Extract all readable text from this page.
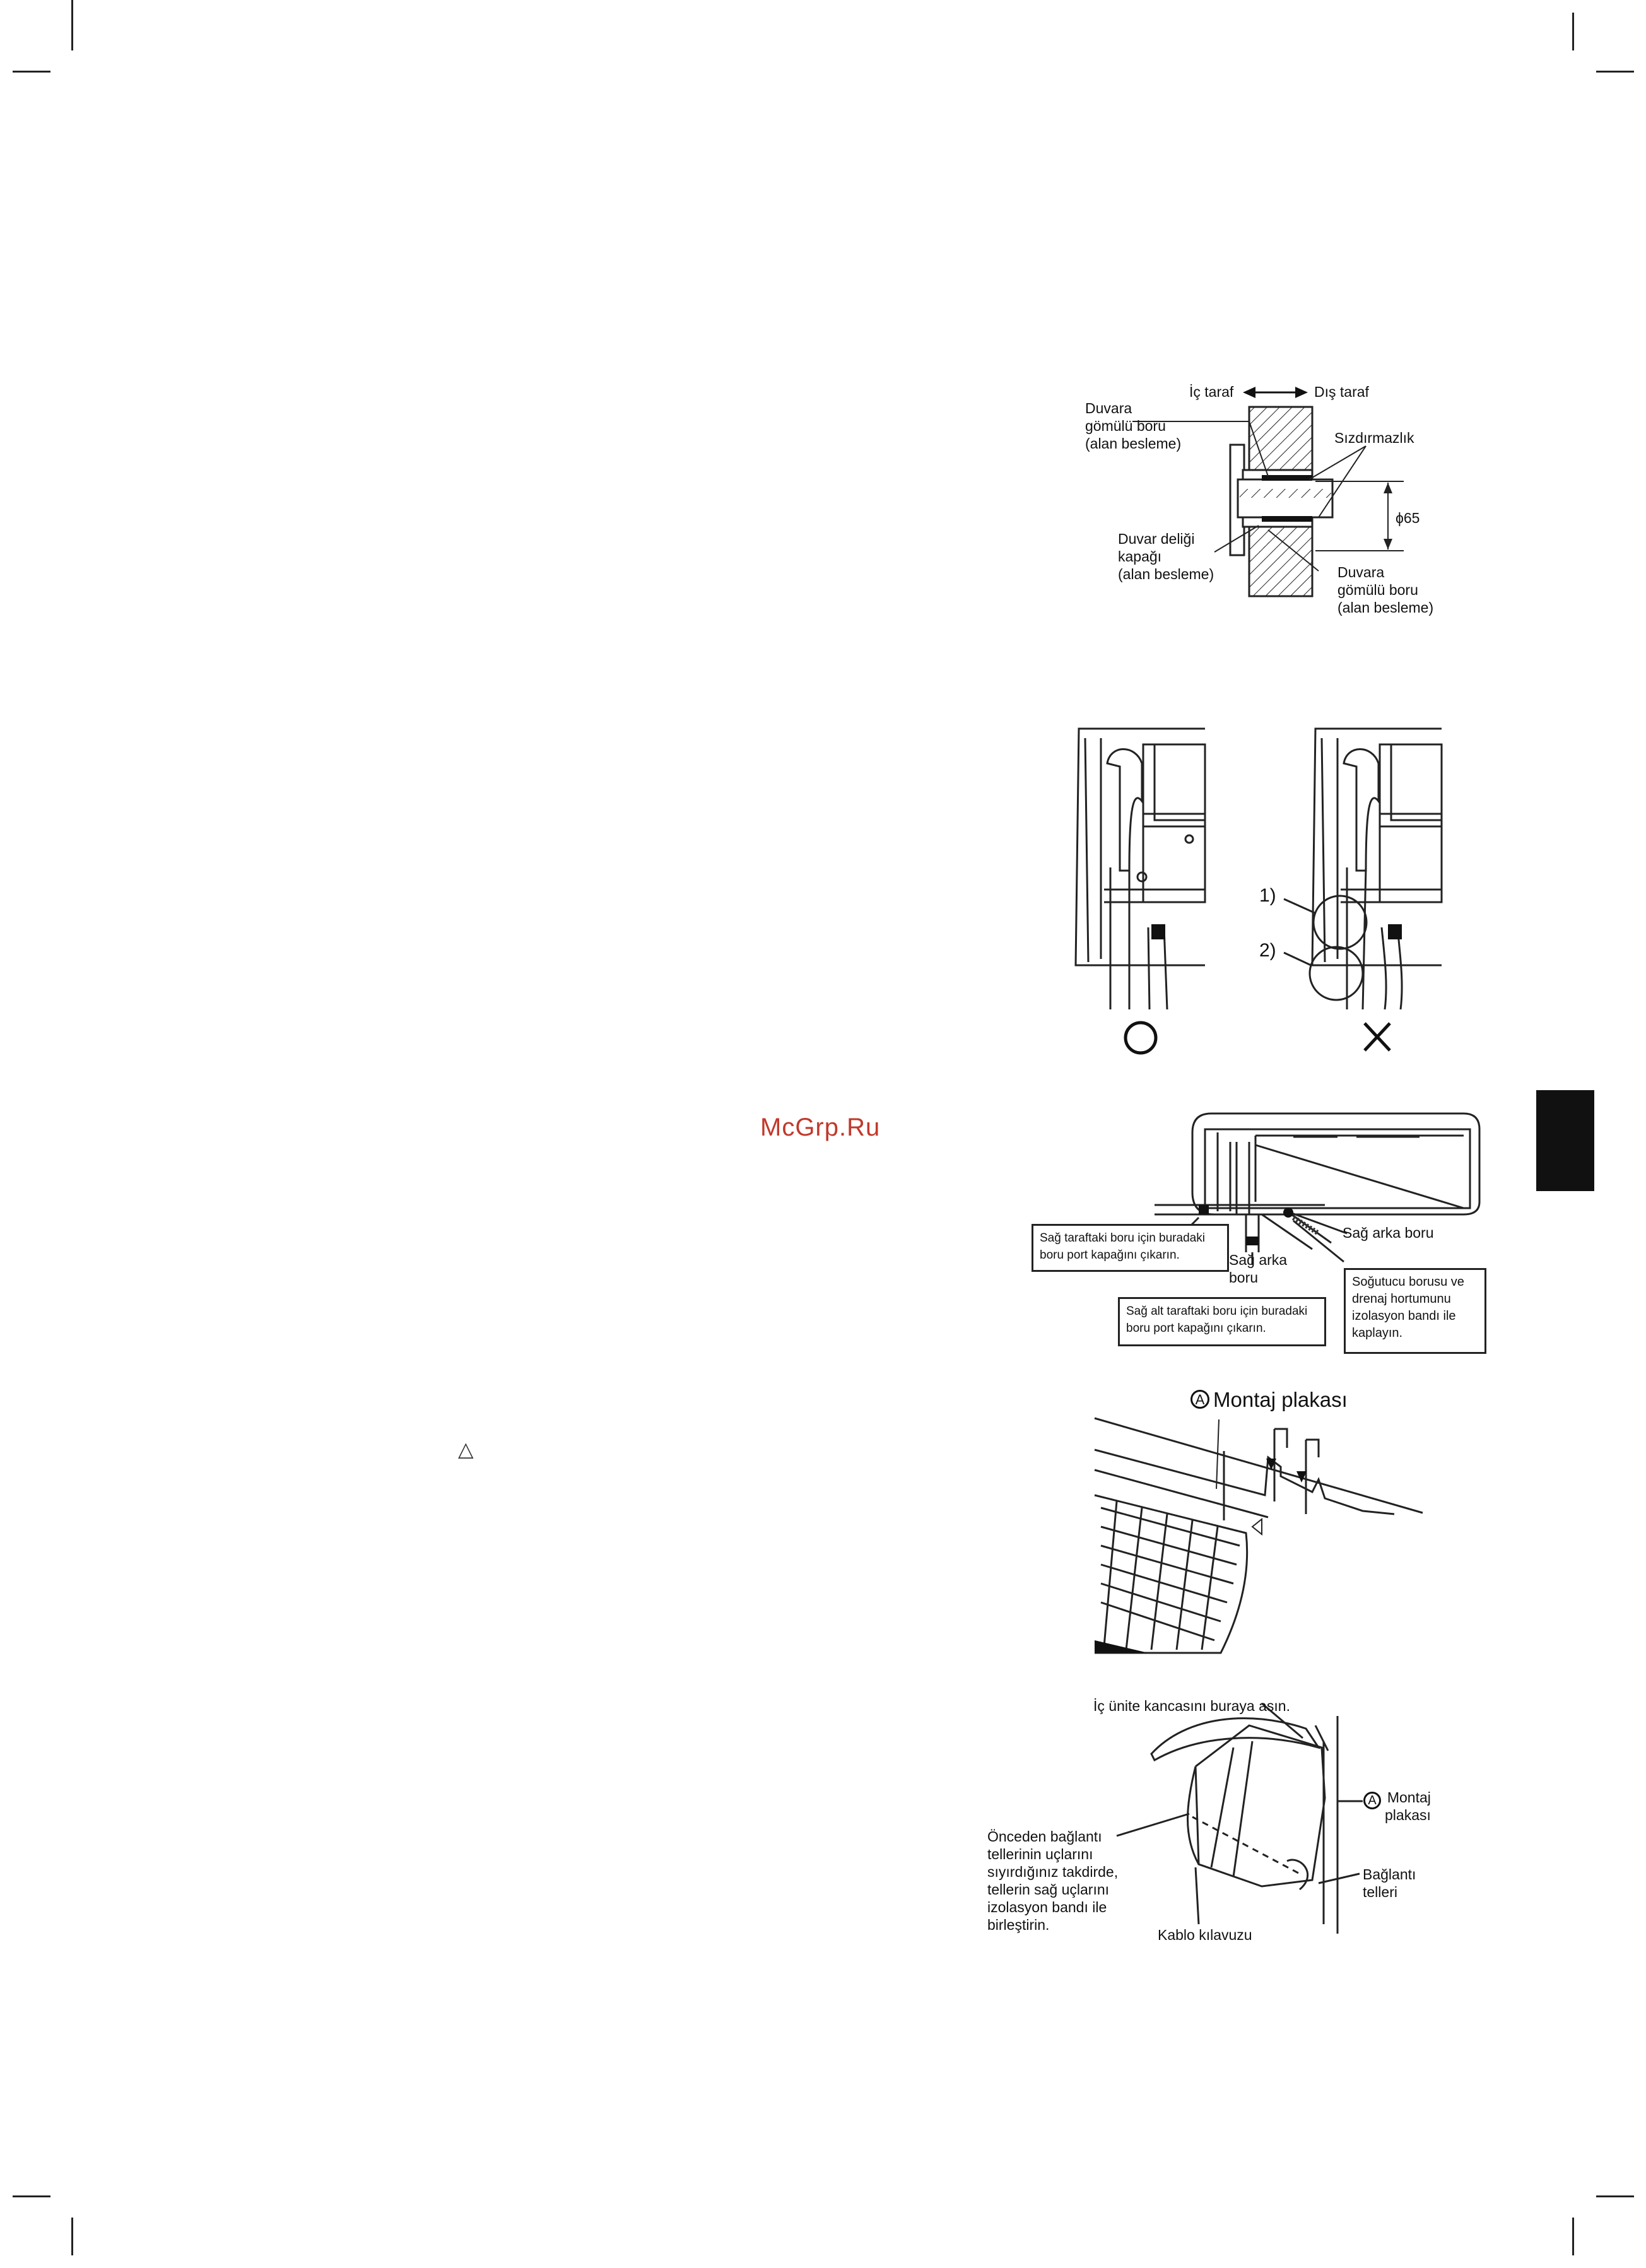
McGrp.Ru
△
İç taraf	Dış taraf
Duvara
gömülü boru
(alan besleme)	Sızdırmazlık
ϕ65
Duvar deliği
kapağı
(alan besleme)	Duvara
gömülü boru
(alan besleme)
1)
2)
Sağ taraftaki boru için buradaki
boru port kapağını çıkarın.	Sağ arka
boru
Sağ arka boru
Sağ alt taraftaki boru için buradaki
boru port kapağını çıkarın.
Soğutucu borusu ve
drenaj hortumunu
izolasyon bandı ile
kaplayın.
A Montaj plakası
İç ünite kancasını buraya asın.
A Montaj
plakası
Önceden bağlantı
tellerinin uçlarını
sıyırdığınız takdirde,
tellerin sağ uçlarını
izolasyon bandı ile
birleştirin.
Bağlantı
telleri
Kablo kılavuzu
